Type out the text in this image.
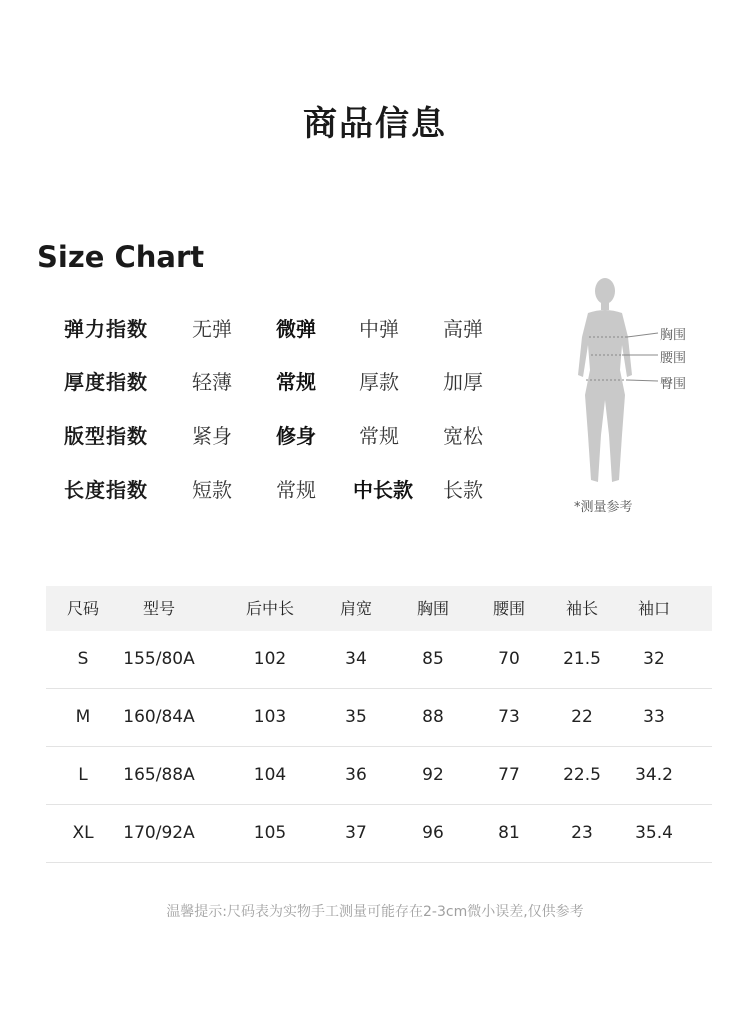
商品信息
Size Chart
弹力指数 无弹 微弹 中弹 高弹
厚度指数 轻薄 常规 厚款 加厚
版型指数 紧身 修身 常规 宽松
长度指数 短款 常规 中长款 长款
胸围
腰围
臀围
*测量参考
尺码	型号	后中长	肩宽	胸围	腰围	袖长	袖口
S	155/80A	102	34	85	70	21.5	32
M	160/84A	103	35	88	73	22	33
L	165/88A	104	36	92	77	22.5	34.2
XL	170/92A	105	37	96	81	23	35.4
温馨提示:尺码表为实物手工测量可能存在2-3cm微小误差,仅供参考
